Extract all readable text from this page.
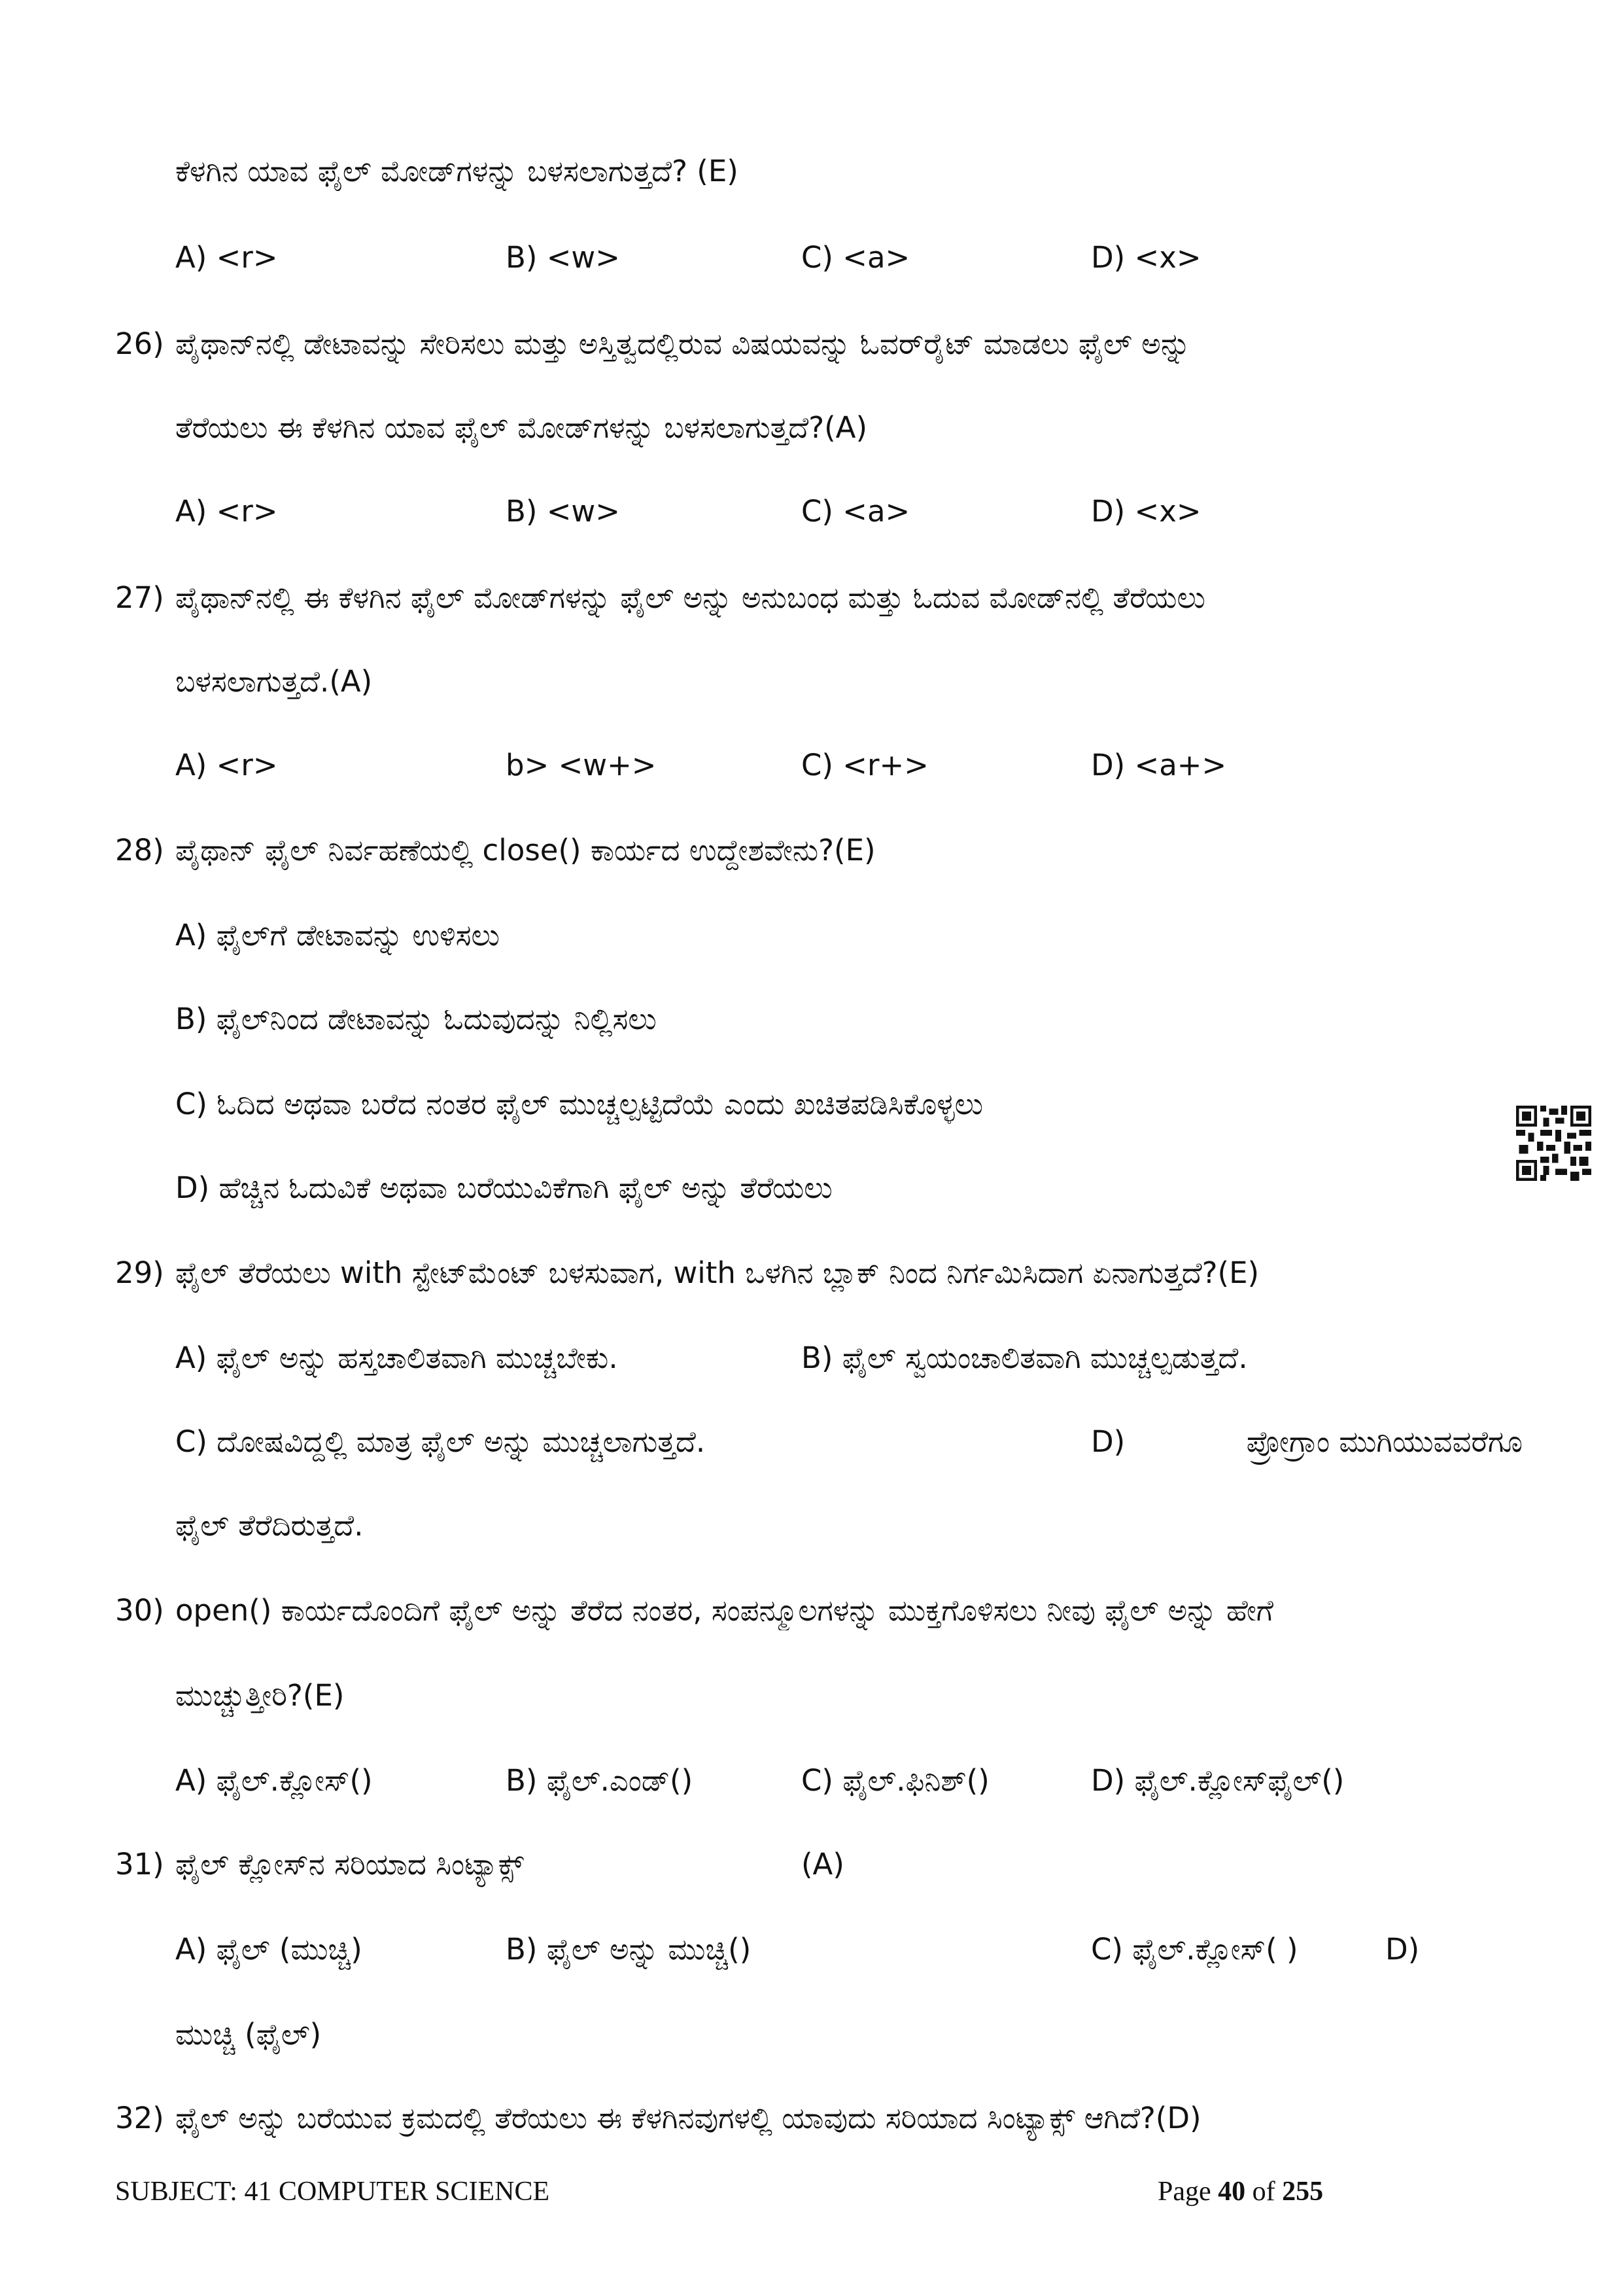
ಕೆಳಗಿನ ಯಾವ ಫೈಲ್ ಮೋಡ್‌ಗಳನ್ನು ಬಳಸಲಾಗುತ್ತದೆ? (E)
A) <r>	B) <w>	C) <a>	D) <x>
26) ಪೈಥಾನ್‌ನಲ್ಲಿ ಡೇಟಾವನ್ನು ಸೇರಿಸಲು ಮತ್ತು ಅಸ್ತಿತ್ವದಲ್ಲಿರುವ ವಿಷಯವನ್ನು ಓವರ್‌ರೈಟ್ ಮಾಡಲು ಫೈಲ್ ಅನ್ನು
ತೆರೆಯಲು ಈ ಕೆಳಗಿನ ಯಾವ ಫೈಲ್ ಮೋಡ್‌ಗಳನ್ನು ಬಳಸಲಾಗುತ್ತದೆ?(A)
A) <r>	B) <w>	C) <a>	D) <x>
27) ಪೈಥಾನ್‌ನಲ್ಲಿ ಈ ಕೆಳಗಿನ ಫೈಲ್ ಮೋಡ್‌ಗಳನ್ನು ಫೈಲ್ ಅನ್ನು ಅನುಬಂಧ ಮತ್ತು ಓದುವ ಮೋಡ್‌ನಲ್ಲಿ ತೆರೆಯಲು
ಬಳಸಲಾಗುತ್ತದೆ.(A)
A) <r>	b> <w+>	C) <r+>	D) <a+>
28) ಪೈಥಾನ್ ಫೈಲ್ ನಿರ್ವಹಣೆಯಲ್ಲಿ close() ಕಾರ್ಯದ ಉದ್ದೇಶವೇನು?(E)
A) ಫೈಲ್‌ಗೆ ಡೇಟಾವನ್ನು ಉಳಿಸಲು
B) ಫೈಲ್‌ನಿಂದ ಡೇಟಾವನ್ನು ಓದುವುದನ್ನು ನಿಲ್ಲಿಸಲು
C) ಓದಿದ ಅಥವಾ ಬರೆದ ನಂತರ ಫೈಲ್ ಮುಚ್ಚಲ್ಪಟ್ಟಿದೆಯೆ ಎಂದು ಖಚಿತಪಡಿಸಿಕೊಳ್ಳಲು
D) ಹೆಚ್ಚಿನ ಓದುವಿಕೆ ಅಥವಾ ಬರೆಯುವಿಕೆಗಾಗಿ ಫೈಲ್ ಅನ್ನು ತೆರೆಯಲು
29) ಫೈಲ್ ತೆರೆಯಲು with ಸ್ಟೇಟ್‌ಮೆಂಟ್ ಬಳಸುವಾಗ, with ಒಳಗಿನ ಬ್ಲಾಕ್ ನಿಂದ ನಿರ್ಗಮಿಸಿದಾಗ ಏನಾಗುತ್ತದೆ?(E)
A) ಫೈಲ್ ಅನ್ನು ಹಸ್ತಚಾಲಿತವಾಗಿ ಮುಚ್ಚಬೇಕು.	B) ಫೈಲ್ ಸ್ವಯಂಚಾಲಿತವಾಗಿ ಮುಚ್ಚಲ್ಪಡುತ್ತದೆ.
C) ದೋಷವಿದ್ದಲ್ಲಿ ಮಾತ್ರ ಫೈಲ್ ಅನ್ನು ಮುಚ್ಚಲಾಗುತ್ತದೆ.	D)	ಪ್ರೋಗ್ರಾಂ ಮುಗಿಯುವವರೆಗೂ
ಫೈಲ್ ತೆರೆದಿರುತ್ತದೆ.
30) open() ಕಾರ್ಯದೊಂದಿಗೆ ಫೈಲ್ ಅನ್ನು ತೆರೆದ ನಂತರ, ಸಂಪನ್ಮೂಲಗಳನ್ನು ಮುಕ್ತಗೊಳಿಸಲು ನೀವು ಫೈಲ್ ಅನ್ನು ಹೇಗೆ
ಮುಚ್ಚುತ್ತೀರಿ?(E)
A) ಫೈಲ್.ಕ್ಲೋಸ್()	B) ಫೈಲ್.ಎಂಡ್()	C) ಫೈಲ್.ಫಿನಿಶ್()	D) ಫೈಲ್.ಕ್ಲೋಸ್‌ಫೈಲ್()
31) ಫೈಲ್ ಕ್ಲೋಸ್‌ನ ಸರಿಯಾದ ಸಿಂಟ್ಯಾಕ್ಸ್	(A)
A) ಫೈಲ್ (ಮುಚ್ಚಿ)	B) ಫೈಲ್ ಅನ್ನು ಮುಚ್ಚಿ()	C) ಫೈಲ್.ಕ್ಲೋಸ್( )	D)
ಮುಚ್ಚಿ (ಫೈಲ್)
32) ಫೈಲ್ ಅನ್ನು ಬರೆಯುವ ಕ್ರಮದಲ್ಲಿ ತೆರೆಯಲು ಈ ಕೆಳಗಿನವುಗಳಲ್ಲಿ ಯಾವುದು ಸರಿಯಾದ ಸಿಂಟ್ಯಾಕ್ಸ್ ಆಗಿದೆ?(D)
SUBJECT: 41 COMPUTER SCIENCE	Page 40 of 255
